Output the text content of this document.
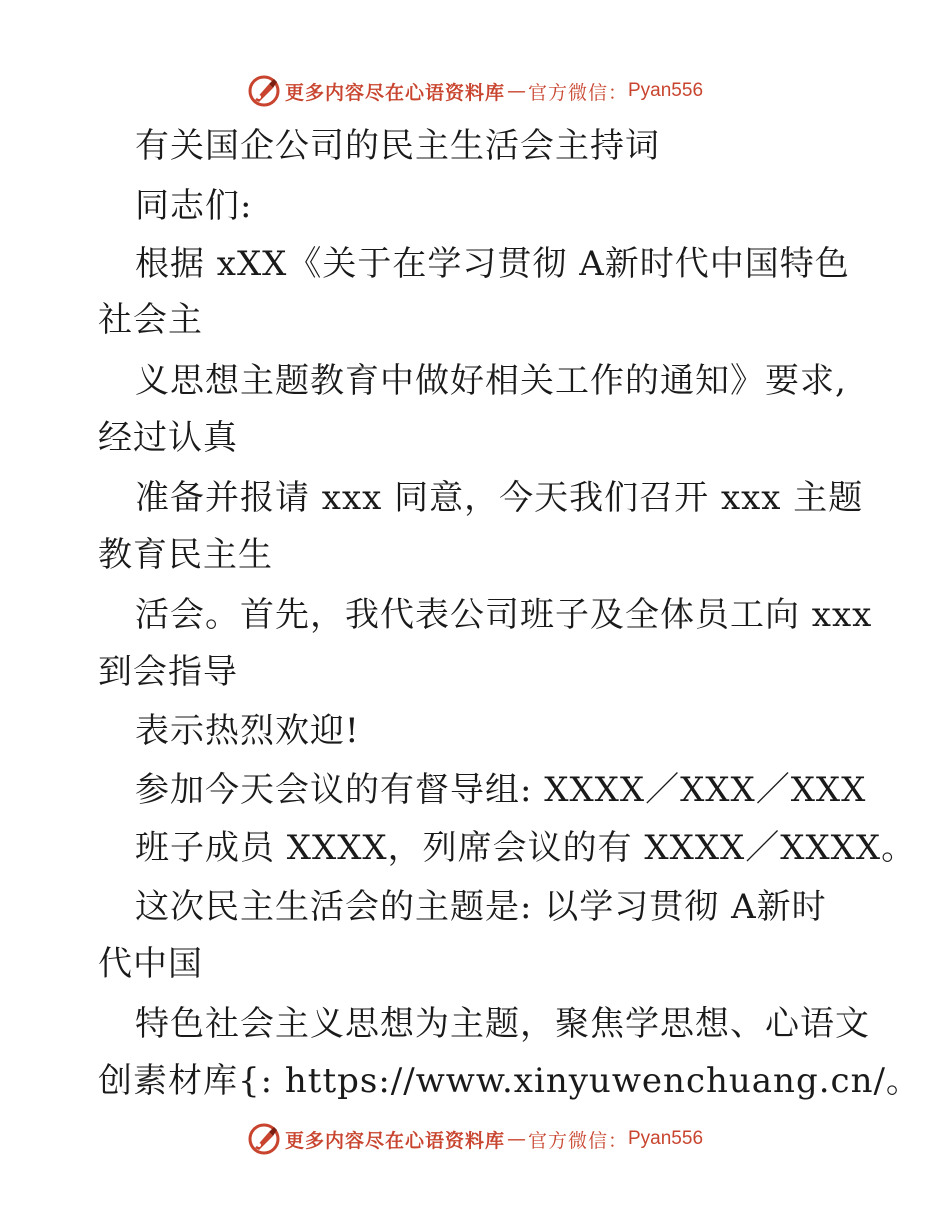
更多内容尽在心语资料库 — 官方微信： Pyan556
有关国企公司的民主生活会主持词
同志们:
根据 xXX《关于在学习贯彻 A新时代中国特色
社会主
义思想主题教育中做好相关工作的通知》要求,
经过认真
准备并报请 xxx 同意，今天我们召开 xxx 主题
教育民主生
活会。首先，我代表公司班子及全体员工向 xxx
到会指导
表示热烈欢迎!
参加今天会议的有督导组: XXXX／XXX／XXX
班子成员 XXXX，列席会议的有 XXXX／XXXX。
这次民主生活会的主题是: 以学习贯彻 A新时
代中国
特色社会主义思想为主题，聚焦学思想、心语文
创素材库{: https://www.xinyuwenchuang.cn/。
更多内容尽在心语资料库 — 官方微信： Pyan556
